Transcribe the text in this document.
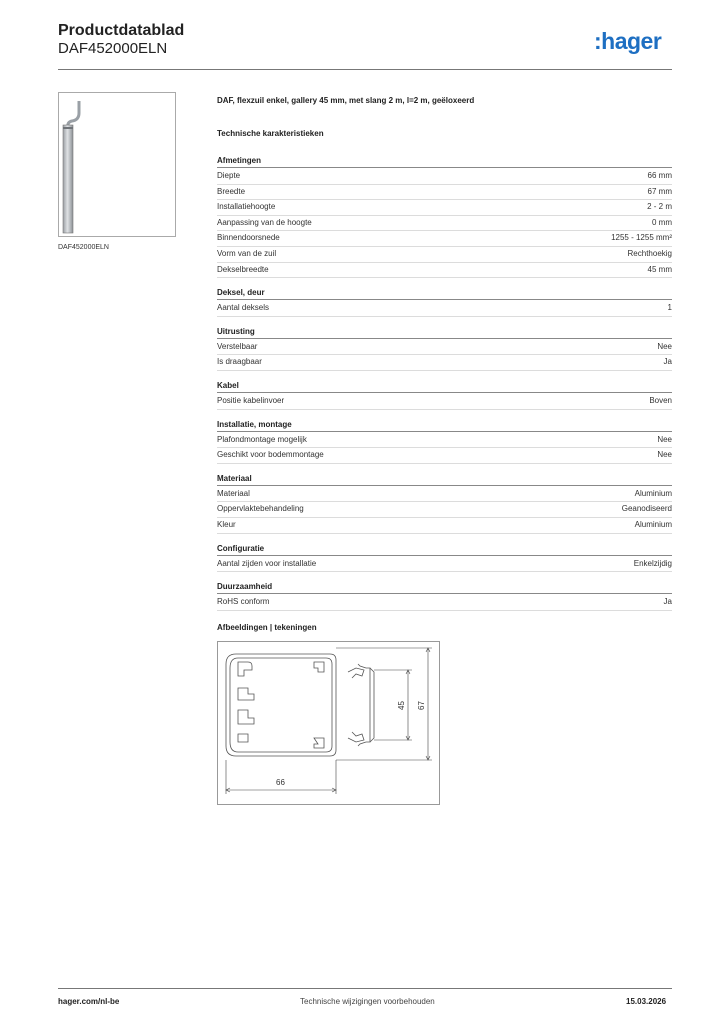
Productdatablad
DAF452000ELN	:hager
DAF452000ELN
DAF, flexzuil enkel, gallery 45 mm, met slang 2 m, l=2 m, geëloxeerd
Technische karakteristieken
Afmetingen
Diepte	66 mm
Breedte	67 mm
Installatiehoogte	2 - 2 m
Aanpassing van de hoogte	0 mm
Binnendoorsnede	1255 - 1255 mm²
Vorm van de zuil	Rechthoekig
Dekselbreedte	45 mm
Deksel, deur
Aantal deksels	1
Uitrusting
Verstelbaar	Nee
Is draagbaar	Ja
Kabel
Positie kabelinvoer	Boven
Installatie, montage
Plafondmontage mogelijk	Nee
Geschikt voor bodemmontage	Nee
Materiaal
Materiaal	Aluminium
Oppervlaktebehandeling	Geanodiseerd
Kleur	Aluminium
Configuratie
Aantal zijden voor installatie	Enkelzijdig
Duurzaamheid
RoHS conform	Ja
Afbeeldingen | tekeningen
66
45 67
hager.com/nl-be	Technische wijzigingen voorbehouden	15.03.2026
